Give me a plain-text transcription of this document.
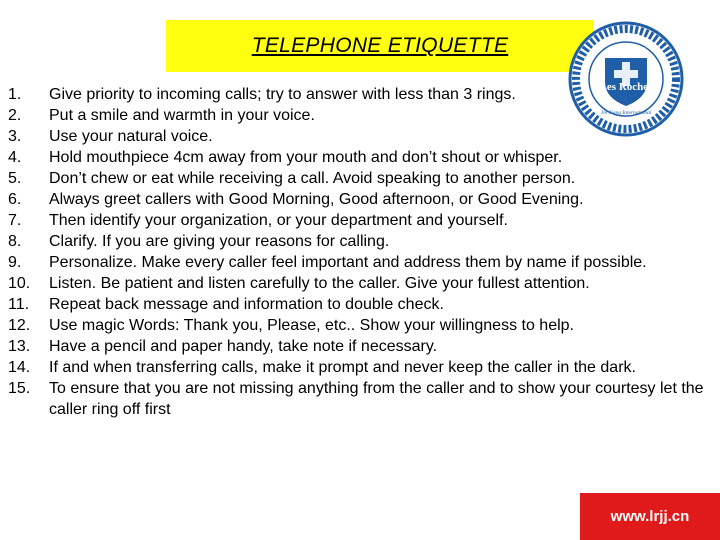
TELEPHONE ETIQUETTE
Les Roches
Jin Jiang International
1.	Give priority to incoming calls; try to answer with less than 3 rings.
2.	Put a smile and warmth in your voice.
3.	Use your natural voice.
4.	Hold mouthpiece 4cm away from your mouth and don’t shout or whisper.
5.	Don’t chew or eat while receiving a call. Avoid speaking to another person.
6.	Always greet callers with Good Morning, Good afternoon, or Good Evening.
7.	Then identify your organization, or your department and yourself.
8.	Clarify. If you are giving your reasons for calling.
9.	Personalize. Make every caller feel important and address them by name if possible.
10.	Listen. Be patient and listen carefully to the caller. Give your fullest attention.
11.	Repeat back message and information to double check.
12.	Use magic Words: Thank you, Please, etc.. Show your willingness to help.
13.	Have a pencil and paper handy, take note if necessary.
14.	If and when transferring calls, make it prompt and never keep the caller in the dark.
15.	To ensure that you are not missing anything from the caller and to show your courtesy let the caller ring off first
www.lrjj.cn
